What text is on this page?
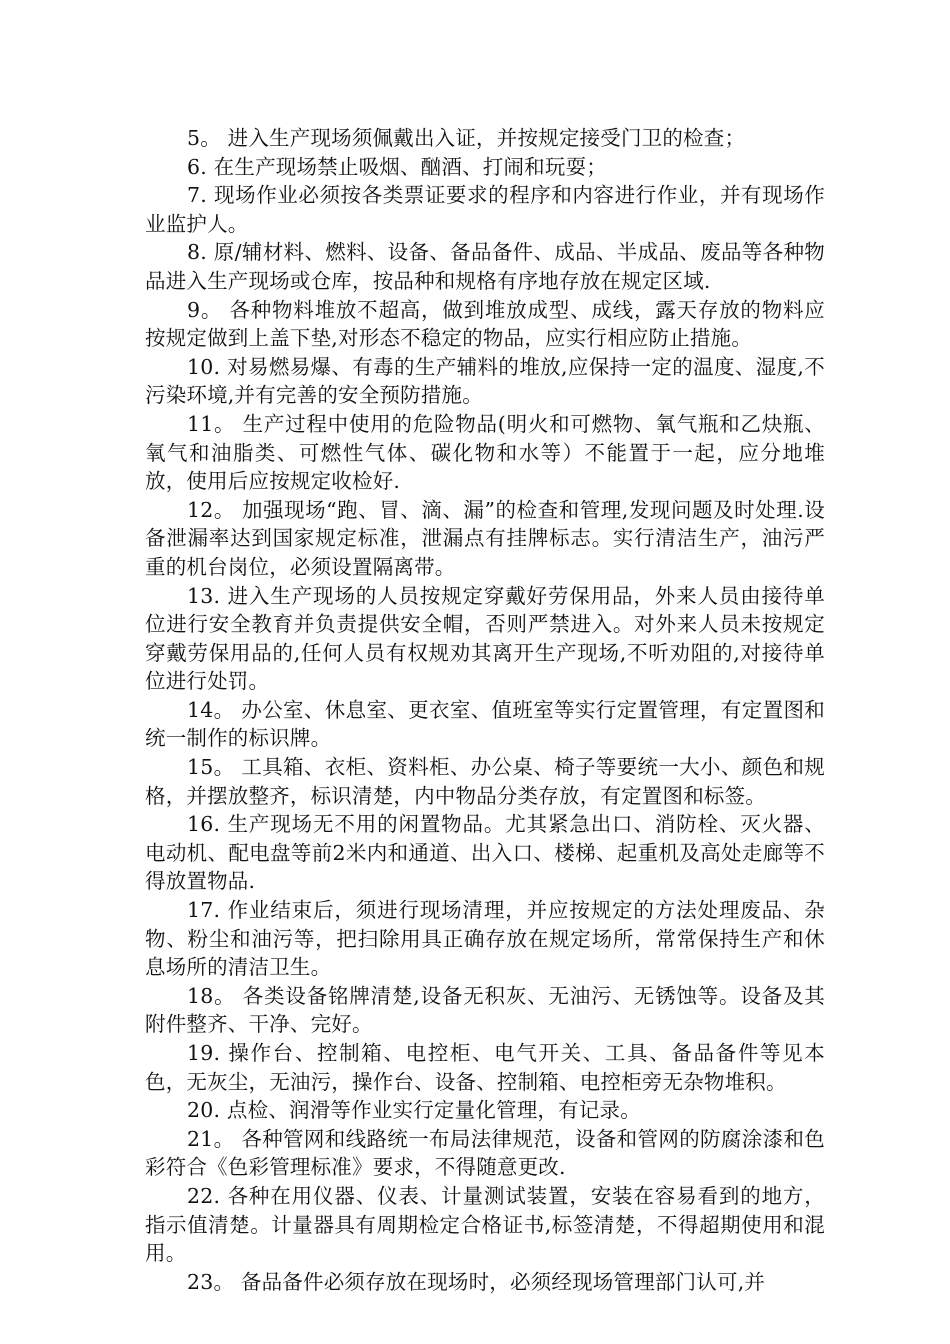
5。 进入生产现场须佩戴出入证，并按规定接受门卫的检查；

6. 在生产现场禁止吸烟、酗酒、打闹和玩耍；

7. 现场作业必须按各类票证要求的程序和内容进行作业，并有现场作业监护人。

8. 原/辅材料、燃料、设备、备品备件、成品、半成品、废品等各种物品进入生产现场或仓库，按品种和规格有序地存放在规定区域.

9。 各种物料堆放不超高，做到堆放成型、成线，露天存放的物料应按规定做到上盖下垫,对形态不稳定的物品，应实行相应防止措施。

10. 对易燃易爆、有毒的生产辅料的堆放,应保持一定的温度、湿度,不污染环境,并有完善的安全预防措施。

11。 生产过程中使用的危险物品(明火和可燃物、氧气瓶和乙炔瓶、氧气和油脂类、可燃性气体、碳化物和水等）不能置于一起，应分地堆放，使用后应按规定收检好.

12。 加强现场“跑、冒、滴、漏”的检查和管理,发现问题及时处理.设备泄漏率达到国家规定标准，泄漏点有挂牌标志。实行清洁生产，油污严重的机台岗位，必须设置隔离带。

13. 进入生产现场的人员按规定穿戴好劳保用品，外来人员由接待单位进行安全教育并负责提供安全帽，否则严禁进入。对外来人员未按规定穿戴劳保用品的,任何人员有权规劝其离开生产现场,不听劝阻的,对接待单位进行处罚。

14。 办公室、休息室、更衣室、值班室等实行定置管理，有定置图和统一制作的标识牌。

15。 工具箱、衣柜、资料柜、办公桌、椅子等要统一大小、颜色和规格，并摆放整齐，标识清楚，内中物品分类存放，有定置图和标签。

16. 生产现场无不用的闲置物品。尤其紧急出口、消防栓、灭火器、电动机、配电盘等前2米内和通道、出入口、楼梯、起重机及高处走廊等不得放置物品.

17. 作业结束后，须进行现场清理，并应按规定的方法处理废品、杂物、粉尘和油污等，把扫除用具正确存放在规定场所，常常保持生产和休息场所的清洁卫生。

18。 各类设备铭牌清楚,设备无积灰、无油污、无锈蚀等。设备及其附件整齐、干净、完好。

19. 操作台、控制箱、电控柜、电气开关、工具、备品备件等见本色，无灰尘，无油污，操作台、设备、控制箱、电控柜旁无杂物堆积。

20. 点检、润滑等作业实行定量化管理，有记录。

21。 各种管网和线路统一布局法律规范，设备和管网的防腐涂漆和色彩符合《色彩管理标准》要求，不得随意更改.

22. 各种在用仪器、仪表、计量测试装置，安装在容易看到的地方，指示值清楚。计量器具有周期检定合格证书,标签清楚，不得超期使用和混用。

23。 备品备件必须存放在现场时，必须经现场管理部门认可,并
